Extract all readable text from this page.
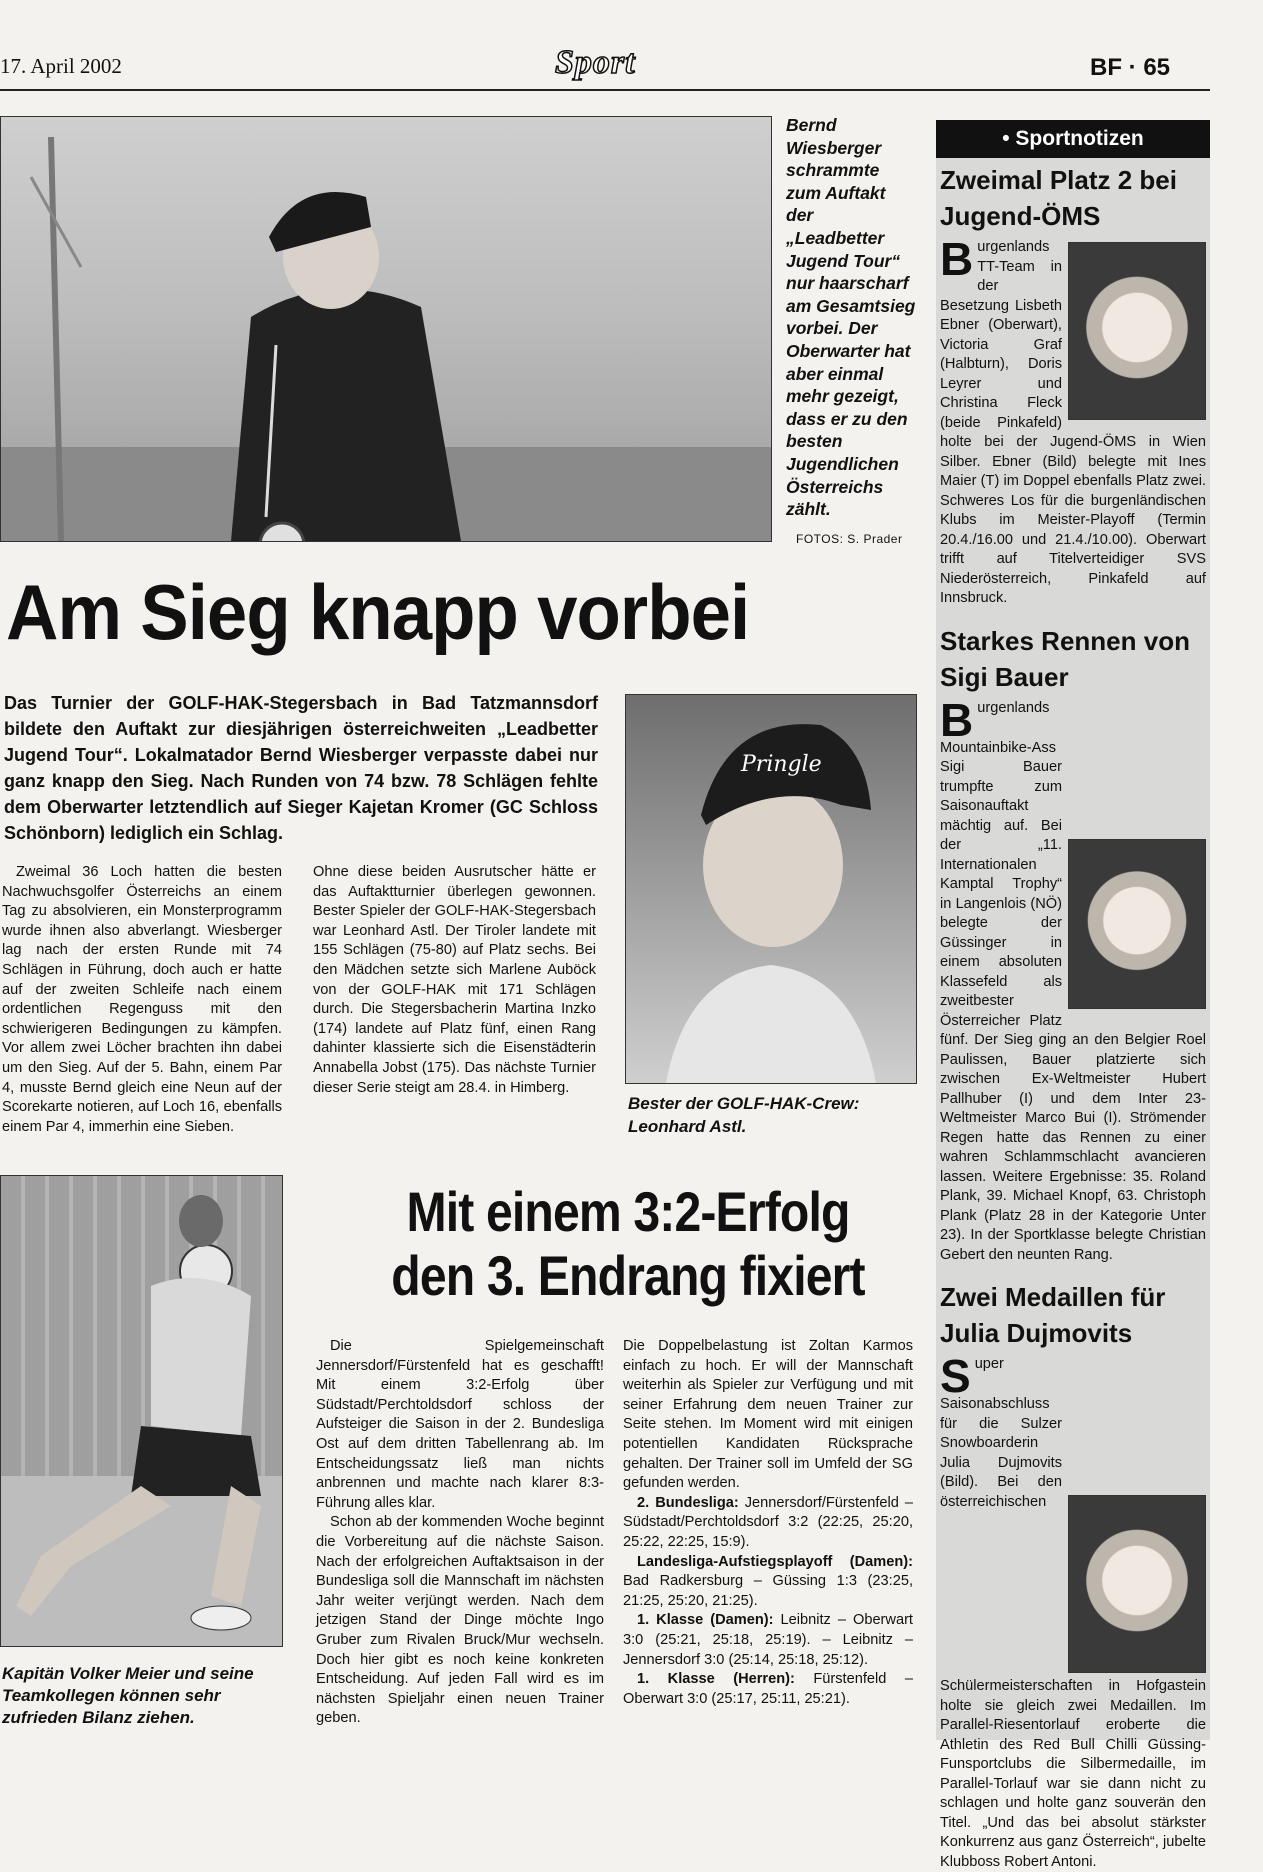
17. April 2002	Sport	BF · 65
Bernd Wiesberger schrammte zum Auftakt der „Leadbetter Jugend Tour“ nur haarscharf am Gesamtsieg vorbei. Der Oberwarter hat aber einmal mehr gezeigt, dass er zu den besten Jugendlichen Österreichs zählt.
FOTOS: S. Prader
Am Sieg knapp vorbei
Das Turnier der GOLF-HAK-Stegersbach in Bad Tatzmannsdorf bildete den Auftakt zur diesjährigen österreichweiten „Leadbetter Jugend Tour“. Lokalmatador Bernd Wiesberger verpasste dabei nur ganz knapp den Sieg. Nach Runden von 74 bzw. 78 Schlägen fehlte dem Oberwarter letztendlich auf Sieger Kajetan Kromer (GC Schloss Schönborn) lediglich ein Schlag.
Pringle
Bester der GOLF-HAK-Crew: Leonhard Astl.

Zweimal 36 Loch hatten die besten Nachwuchsgolfer Österreichs an einem Tag zu absolvieren, ein Monsterprogramm wurde ihnen also abverlangt. Wiesberger lag nach der ersten Runde mit 74 Schlägen in Führung, doch auch er hatte auf der zweiten Schleife nach einem ordentlichen Regenguss mit den schwierigeren Bedingungen zu kämpfen. Vor allem zwei Löcher brachten ihn dabei um den Sieg. Auf der 5. Bahn, einem Par 4, musste Bernd gleich eine Neun auf der Scorekarte notieren, auf Loch 16, ebenfalls einem Par 4, immerhin eine Sieben.

Ohne diese beiden Ausrutscher hätte er das Auftaktturnier überlegen gewonnen. Bester Spieler der GOLF-HAK-Stegersbach war Leonhard Astl. Der Tiroler landete mit 155 Schlägen (75-80) auf Platz sechs. Bei den Mädchen setzte sich Marlene Auböck von der GOLF-HAK mit 171 Schlägen durch. Die Stegersbacherin Martina Inzko (174) landete auf Platz fünf, einen Rang dahinter klassierte sich die Eisenstädterin Annabella Jobst (175). Das nächste Turnier dieser Serie steigt am 28.4. in Himberg.

Kapitän Volker Meier und seine Teamkollegen können sehr zufrieden Bilanz ziehen.
Mit einem 3:2-Erfolg
den 3. Endrang fixiert

Die Spielgemeinschaft Jennersdorf/Fürstenfeld hat es geschafft! Mit einem 3:2-Erfolg über Südstadt/Perchtoldsdorf schloss der Aufsteiger die Saison in der 2. Bundesliga Ost auf dem dritten Tabellenrang ab. Im Entscheidungssatz ließ man nichts anbrennen und machte nach klarer 8:3-Führung alles klar.

Schon ab der kommenden Woche beginnt die Vorbereitung auf die nächste Saison. Nach der erfolgreichen Auftaktsaison in der Bundesliga soll die Mannschaft im nächsten Jahr weiter verjüngt werden. Nach dem jetzigen Stand der Dinge möchte Ingo Gruber zum Rivalen Bruck/Mur wechseln. Doch hier gibt es noch keine konkreten Entscheidung. Auf jeden Fall wird es im nächsten Spieljahr einen neuen Trainer geben.

Die Doppelbelastung ist Zoltan Karmos einfach zu hoch. Er will der Mannschaft weiterhin als Spieler zur Verfügung und mit seiner Erfahrung dem neuen Trainer zur Seite stehen. Im Moment wird mit einigen potentiellen Kandidaten Rücksprache gehalten. Der Trainer soll im Umfeld der SG gefunden werden.

2. Bundesliga: Jennersdorf/Fürstenfeld – Südstadt/Perchtoldsdorf 3:2 (22:25, 25:20, 25:22, 22:25, 15:9).

Landesliga-Aufstiegsplayoff (Damen): Bad Radkersburg – Güssing 1:3 (23:25, 21:25, 25:20, 21:25).

1. Klasse (Damen): Leibnitz – Oberwart 3:0 (25:21, 25:18, 25:19). – Leibnitz – Jennersdorf 3:0 (25:14, 25:18, 25:12).

1. Klasse (Herren): Fürstenfeld – Oberwart 3:0 (25:17, 25:11, 25:21).

• Sportnotizen
Zweimal Platz 2 bei Jugend-ÖMS
B urgenlands TT-Team in der Besetzung Lisbeth Ebner (Oberwart), Victoria Graf (Halbturn), Doris Leyrer und Christina Fleck (beide Pinkafeld) holte bei der Jugend-ÖMS in Wien Silber. Ebner (Bild) belegte mit Ines Maier (T) im Doppel ebenfalls Platz zwei. Schweres Los für die burgenländischen Klubs im Meister-Playoff (Termin 20.4./16.00 und 21.4./10.00). Oberwart trifft auf Titelverteidiger SVS Niederösterreich, Pinkafeld auf Innsbruck.
Starkes Rennen von Sigi Bauer
B urgenlands Mountainbike-Ass Sigi Bauer trumpfte zum Saisonauftakt mächtig auf. Bei der „11. Internationalen Kamptal Trophy“ in Langenlois (NÖ) belegte der Güssinger in einem absoluten Klassefeld als zweitbester Österreicher Platz fünf. Der Sieg ging an den Belgier Roel Paulissen, Bauer platzierte sich zwischen Ex-Weltmeister Hubert Pallhuber (I) und dem Inter 23-Weltmeister Marco Bui (I). Strömender Regen hatte das Rennen zu einer wahren Schlammschlacht avancieren lassen. Weitere Ergebnisse: 35. Roland Plank, 39. Michael Knopf, 63. Christoph Plank (Platz 28 in der Kategorie Unter 23). In der Sportklasse belegte Christian Gebert den neunten Rang.
Zwei Medaillen für Julia Dujmovits
S uper Saisonabschluss für die Sulzer Snowboarderin Julia Dujmovits (Bild). Bei den österreichischen Schülermeisterschaften in Hofgastein holte sie gleich zwei Medaillen. Im Parallel-Riesentorlauf eroberte die Athletin des Red Bull Chilli Güssing-Funsportclubs die Silbermedaille, im Parallel-Torlauf war sie dann nicht zu schlagen und holte ganz souverän den Titel. „Und das bei absolut stärkster Konkurrenz aus ganz Österreich“, jubelte Klubboss Robert Antoni.
